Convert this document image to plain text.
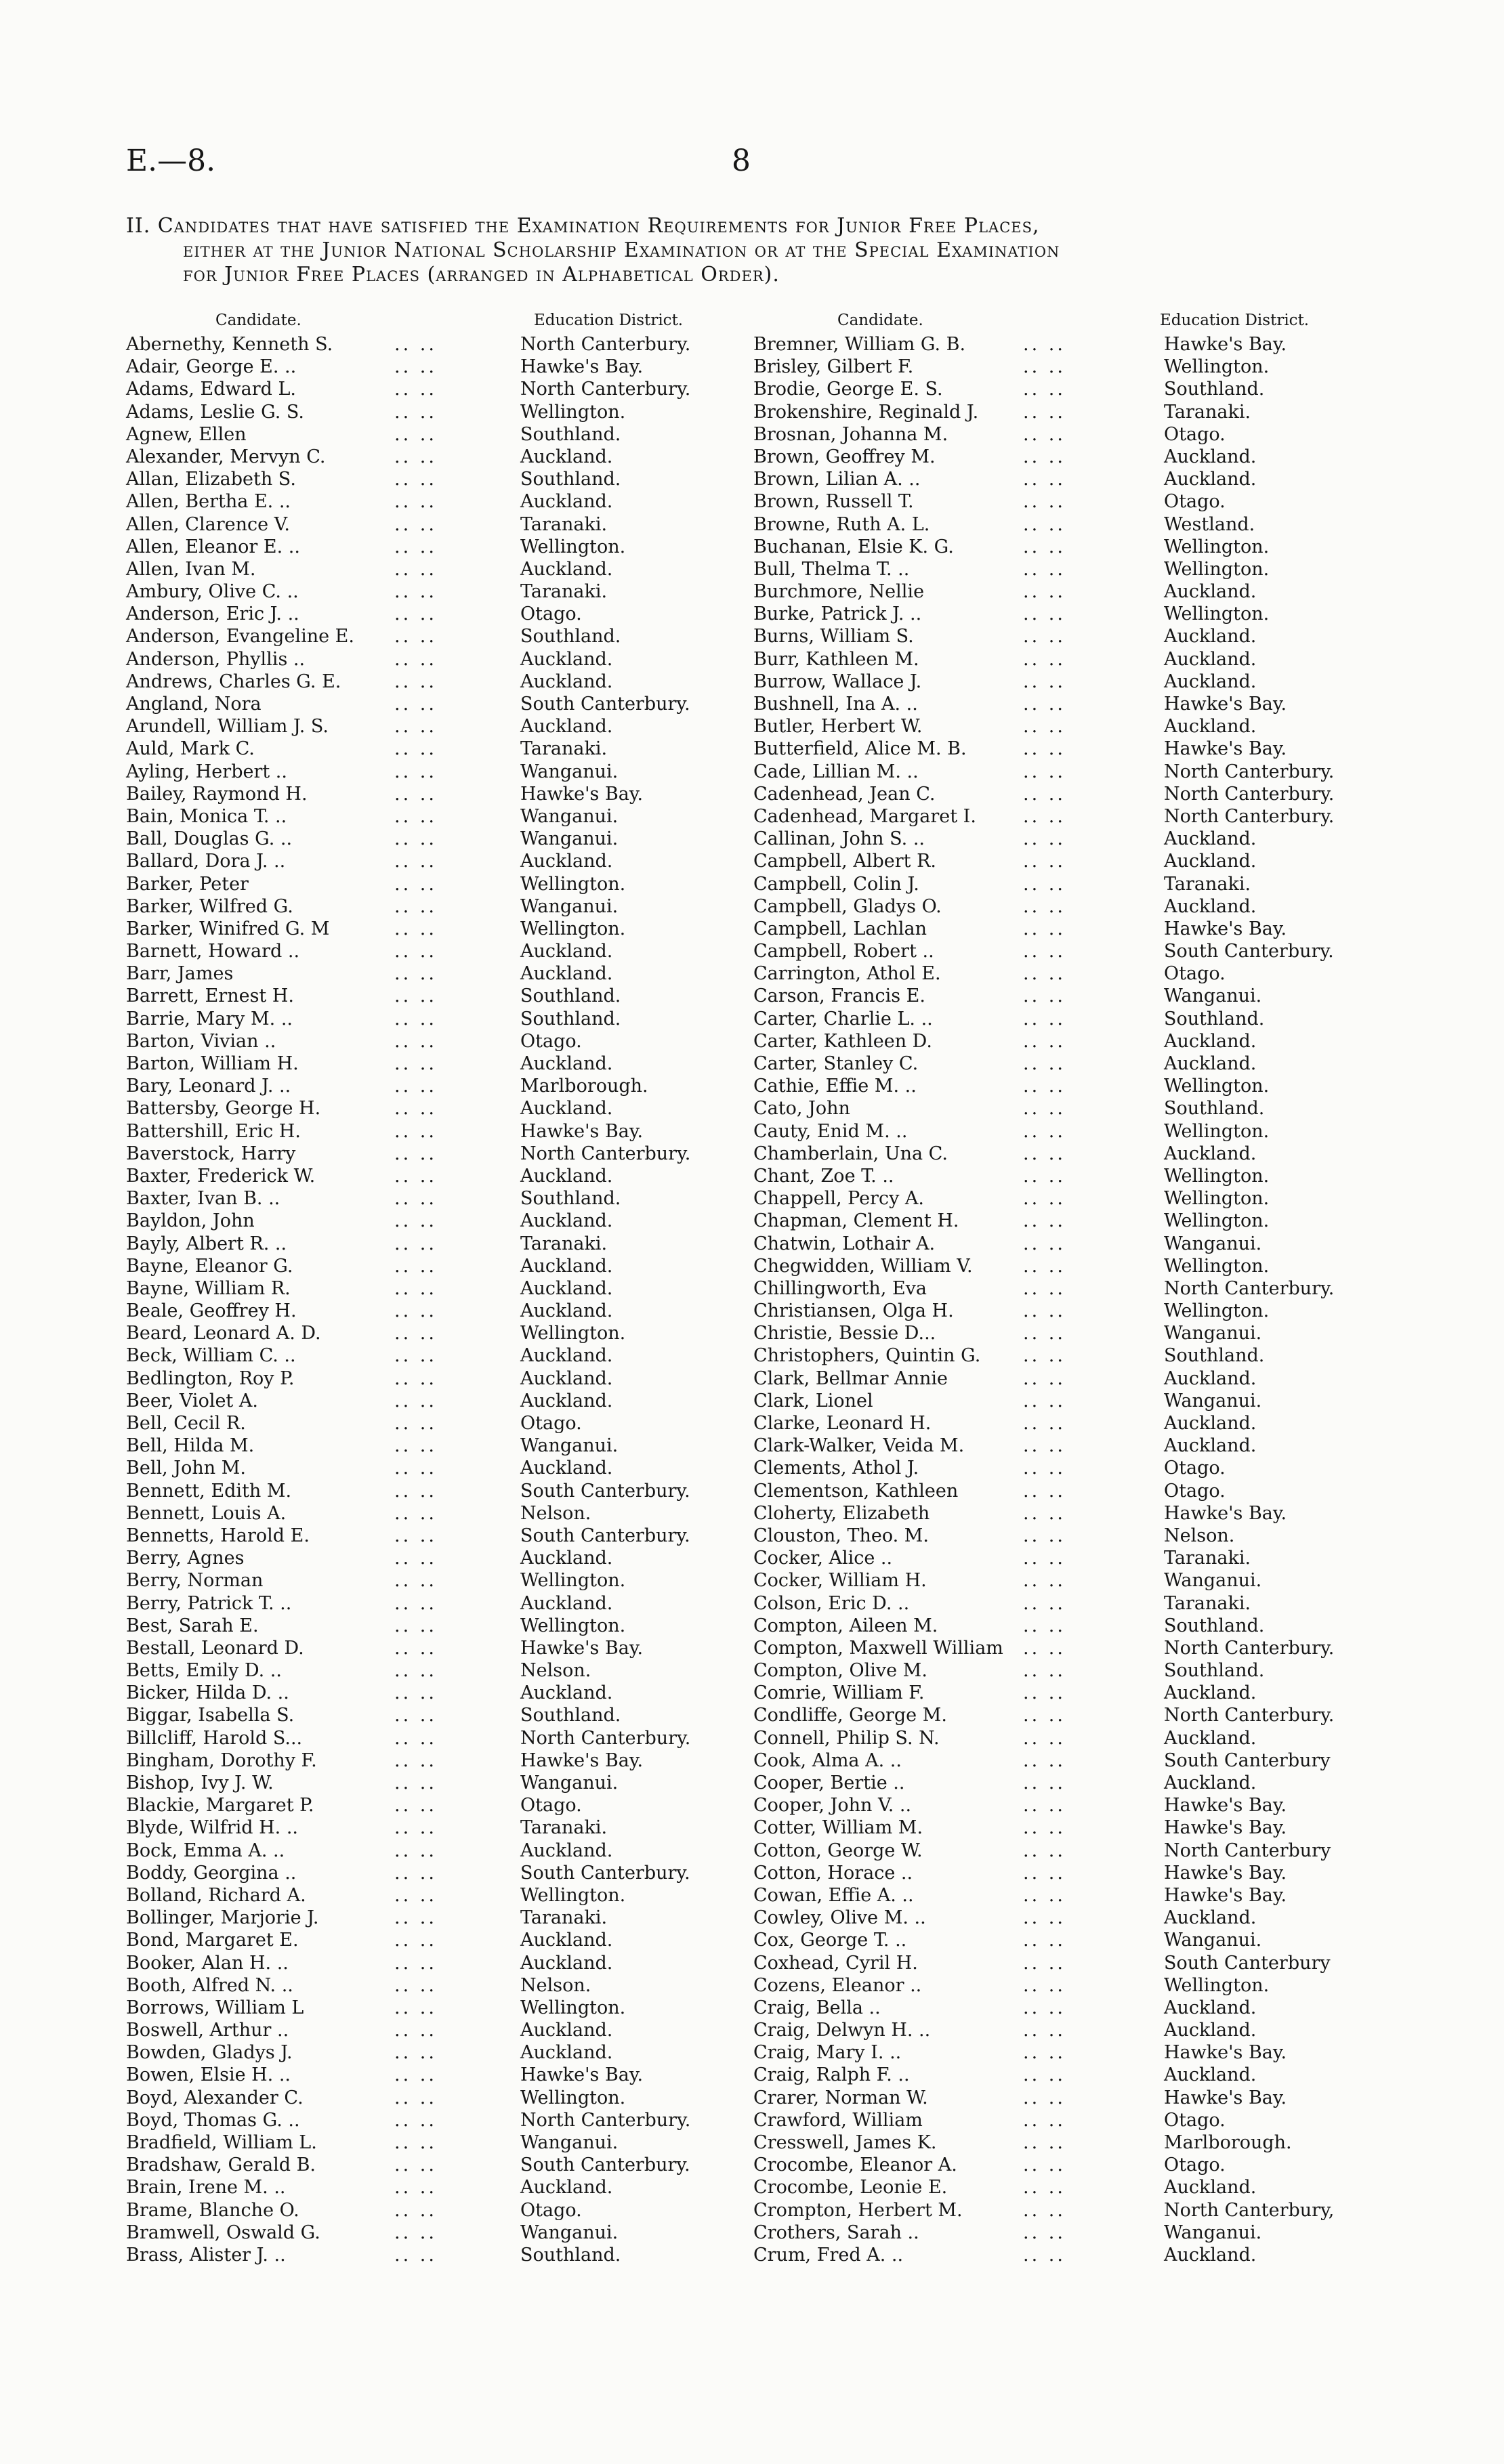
E.—8.	8
II. Candidates that have satisfied the Examination Requirements for Junior Free Places,
either at the Junior National Scholarship Examination or at the Special Examination
for Junior Free Places (arranged in Alphabetical Order).
Candidate.	Education District.	Candidate.	Education District.
Abernethy, Kenneth S.	.. ..	North Canterbury.
Adair, George E. ..	.. ..	Hawke's Bay.
Adams, Edward L.	.. ..	North Canterbury.
Adams, Leslie G. S.	.. ..	Wellington.
Agnew, Ellen	.. ..	Southland.
Alexander, Mervyn C.	.. ..	Auckland.
Allan, Elizabeth S.	.. ..	Southland.
Allen, Bertha E. ..	.. ..	Auckland.
Allen, Clarence V.	.. ..	Taranaki.
Allen, Eleanor E. ..	.. ..	Wellington.
Allen, Ivan M.	.. ..	Auckland.
Ambury, Olive C. ..	.. ..	Taranaki.
Anderson, Eric J. ..	.. ..	Otago.
Anderson, Evangeline E. .. ..	Southland.
Anderson, Phyllis ..	.. ..	Auckland.
Andrews, Charles G. E.	.. ..	Auckland.
Angland, Nora	.. ..	South Canterbury.
Arundell, William J. S.	.. ..	Auckland.
Auld, Mark C.	.. ..	Taranaki.
Ayling, Herbert ..	.. ..	Wanganui.
Bailey, Raymond H.	.. ..	Hawke's Bay.
Bain, Monica T. ..	.. ..	Wanganui.
Ball, Douglas G. ..	.. ..	Wanganui.
Ballard, Dora J. ..	.. ..	Auckland.
Barker, Peter	.. ..	Wellington.
Barker, Wilfred G.	.. ..	Wanganui.
Barker, Winifred G. M	.. ..	Wellington.
Barnett, Howard ..	.. ..	Auckland.
Barr, James	.. ..	Auckland.
Barrett, Ernest H.	.. ..	Southland.
Barrie, Mary M. ..	.. ..	Southland.
Barton, Vivian ..	.. ..	Otago.
Barton, William H.	.. ..	Auckland.
Bary, Leonard J. ..	.. ..	Marlborough.
Battersby, George H.	.. ..	Auckland.
Battershill, Eric H.	.. ..	Hawke's Bay.
Baverstock, Harry	.. ..	North Canterbury.
Baxter, Frederick W.	.. ..	Auckland.
Baxter, Ivan B. ..	.. ..	Southland.
Bayldon, John	.. ..	Auckland.
Bayly, Albert R. ..	.. ..	Taranaki.
Bayne, Eleanor G.	.. ..	Auckland.
Bayne, William R.	.. ..	Auckland.
Beale, Geoffrey H.	.. ..	Auckland.
Beard, Leonard A. D.	.. ..	Wellington.
Beck, William C. ..	.. ..	Auckland.
Bedlington, Roy P.	.. ..	Auckland.
Beer, Violet A.	.. ..	Auckland.
Bell, Cecil R.	.. ..	Otago.
Bell, Hilda M.	.. ..	Wanganui.
Bell, John M.	.. ..	Auckland.
Bennett, Edith M.	.. ..	South Canterbury.
Bennett, Louis A.	.. ..	Nelson.
Bennetts, Harold E.	.. ..	South Canterbury.
Berry, Agnes	.. ..	Auckland.
Berry, Norman	.. ..	Wellington.
Berry, Patrick T. ..	.. ..	Auckland.
Best, Sarah E.	.. ..	Wellington.
Bestall, Leonard D.	.. ..	Hawke's Bay.
Betts, Emily D. ..	.. ..	Nelson.
Bicker, Hilda D. ..	.. ..	Auckland.
Biggar, Isabella S.	.. ..	Southland.
Billcliff, Harold S...	.. ..	North Canterbury.
Bingham, Dorothy F.	.. ..	Hawke's Bay.
Bishop, Ivy J. W.	.. ..	Wanganui.
Blackie, Margaret P.	.. ..	Otago.
Blyde, Wilfrid H. ..	.. ..	Taranaki.
Bock, Emma A. ..	.. ..	Auckland.
Boddy, Georgina ..	.. ..	South Canterbury.
Bolland, Richard A.	.. ..	Wellington.
Bollinger, Marjorie J.	.. ..	Taranaki.
Bond, Margaret E.	.. ..	Auckland.
Booker, Alan H. ..	.. ..	Auckland.
Booth, Alfred N. ..	.. ..	Nelson.
Borrows, William L	.. ..	Wellington.
Boswell, Arthur ..	.. ..	Auckland.
Bowden, Gladys J.	.. ..	Auckland.
Bowen, Elsie H. ..	.. ..	Hawke's Bay.
Boyd, Alexander C.	.. ..	Wellington.
Boyd, Thomas G. ..	.. ..	North Canterbury.
Bradfield, William L.	.. ..	Wanganui.
Bradshaw, Gerald B.	.. ..	South Canterbury.
Brain, Irene M. ..	.. ..	Auckland.
Brame, Blanche O.	.. ..	Otago.
Bramwell, Oswald G.	.. ..	Wanganui.
Brass, Alister J. ..	.. ..	Southland.
Bremner, William G. B.	.. ..	Hawke's Bay.
Brisley, Gilbert F.	.. ..	Wellington.
Brodie, George E. S.	.. ..	Southland.
Brokenshire, Reginald J. .. ..	Taranaki.
Brosnan, Johanna M.	.. ..	Otago.
Brown, Geoffrey M.	.. ..	Auckland.
Brown, Lilian A. ..	.. ..	Auckland.
Brown, Russell T.	.. ..	Otago.
Browne, Ruth A. L.	.. ..	Westland.
Buchanan, Elsie K. G.	.. ..	Wellington.
Bull, Thelma T. ..	.. ..	Wellington.
Burchmore, Nellie	.. ..	Auckland.
Burke, Patrick J. ..	.. ..	Wellington.
Burns, William S.	.. ..	Auckland.
Burr, Kathleen M.	.. ..	Auckland.
Burrow, Wallace J.	.. ..	Auckland.
Bushnell, Ina A. ..	.. ..	Hawke's Bay.
Butler, Herbert W.	.. ..	Auckland.
Butterfield, Alice M. B.	.. ..	Hawke's Bay.
Cade, Lillian M. ..	.. ..	North Canterbury.
Cadenhead, Jean C.	.. ..	North Canterbury.
Cadenhead, Margaret I.	.. ..	North Canterbury.
Callinan, John S. ..	.. ..	Auckland.
Campbell, Albert R.	.. ..	Auckland.
Campbell, Colin J.	.. ..	Taranaki.
Campbell, Gladys O.	.. ..	Auckland.
Campbell, Lachlan	.. ..	Hawke's Bay.
Campbell, Robert ..	.. ..	South Canterbury.
Carrington, Athol E.	.. ..	Otago.
Carson, Francis E.	.. ..	Wanganui.
Carter, Charlie L. ..	.. ..	Southland.
Carter, Kathleen D.	.. ..	Auckland.
Carter, Stanley C.	.. ..	Auckland.
Cathie, Effie M. ..	.. ..	Wellington.
Cato, John	.. ..	Southland.
Cauty, Enid M. ..	.. ..	Wellington.
Chamberlain, Una C.	.. ..	Auckland.
Chant, Zoe T. ..	.. ..	Wellington.
Chappell, Percy A.	.. ..	Wellington.
Chapman, Clement H.	.. ..	Wellington.
Chatwin, Lothair A.	.. ..	Wanganui.
Chegwidden, William V.	.. ..	Wellington.
Chillingworth, Eva	.. ..	North Canterbury.
Christiansen, Olga H.	.. ..	Wellington.
Christie, Bessie D...	.. ..	Wanganui.
Christophers, Quintin G. .. ..	Southland.
Clark, Bellmar Annie	.. ..	Auckland.
Clark, Lionel	.. ..	Wanganui.
Clarke, Leonard H.	.. ..	Auckland.
Clark-Walker, Veida M.	.. ..	Auckland.
Clements, Athol J.	.. ..	Otago.
Clementson, Kathleen	.. ..	Otago.
Cloherty, Elizabeth	.. ..	Hawke's Bay.
Clouston, Theo. M.	.. ..	Nelson.
Cocker, Alice ..	.. ..	Taranaki.
Cocker, William H.	.. ..	Wanganui.
Colson, Eric D. ..	.. ..	Taranaki.
Compton, Aileen M.	.. ..	Southland.
Compton, Maxwell William .. ..	North Canterbury.
Compton, Olive M.	.. ..	Southland.
Comrie, William F.	.. ..	Auckland.
Condliffe, George M.	.. ..	North Canterbury.
Connell, Philip S. N.	.. ..	Auckland.
Cook, Alma A. ..	.. ..	South Canterbury
Cooper, Bertie ..	.. ..	Auckland.
Cooper, John V. ..	.. ..	Hawke's Bay.
Cotter, William M.	.. ..	Hawke's Bay.
Cotton, George W.	.. ..	North Canterbury
Cotton, Horace ..	.. ..	Hawke's Bay.
Cowan, Effie A. ..	.. ..	Hawke's Bay.
Cowley, Olive M. ..	.. ..	Auckland.
Cox, George T. ..	.. ..	Wanganui.
Coxhead, Cyril H.	.. ..	South Canterbury
Cozens, Eleanor ..	.. ..	Wellington.
Craig, Bella ..	.. ..	Auckland.
Craig, Delwyn H. ..	.. ..	Auckland.
Craig, Mary I. ..	.. ..	Hawke's Bay.
Craig, Ralph F. ..	.. ..	Auckland.
Crarer, Norman W.	.. ..	Hawke's Bay.
Crawford, William	.. ..	Otago.
Cresswell, James K.	.. ..	Marlborough.
Crocombe, Eleanor A.	.. ..	Otago.
Crocombe, Leonie E.	.. ..	Auckland.
Crompton, Herbert M.	.. ..	North Canterbury,
Crothers, Sarah ..	.. ..	Wanganui.
Crum, Fred A. ..	.. ..	Auckland.
